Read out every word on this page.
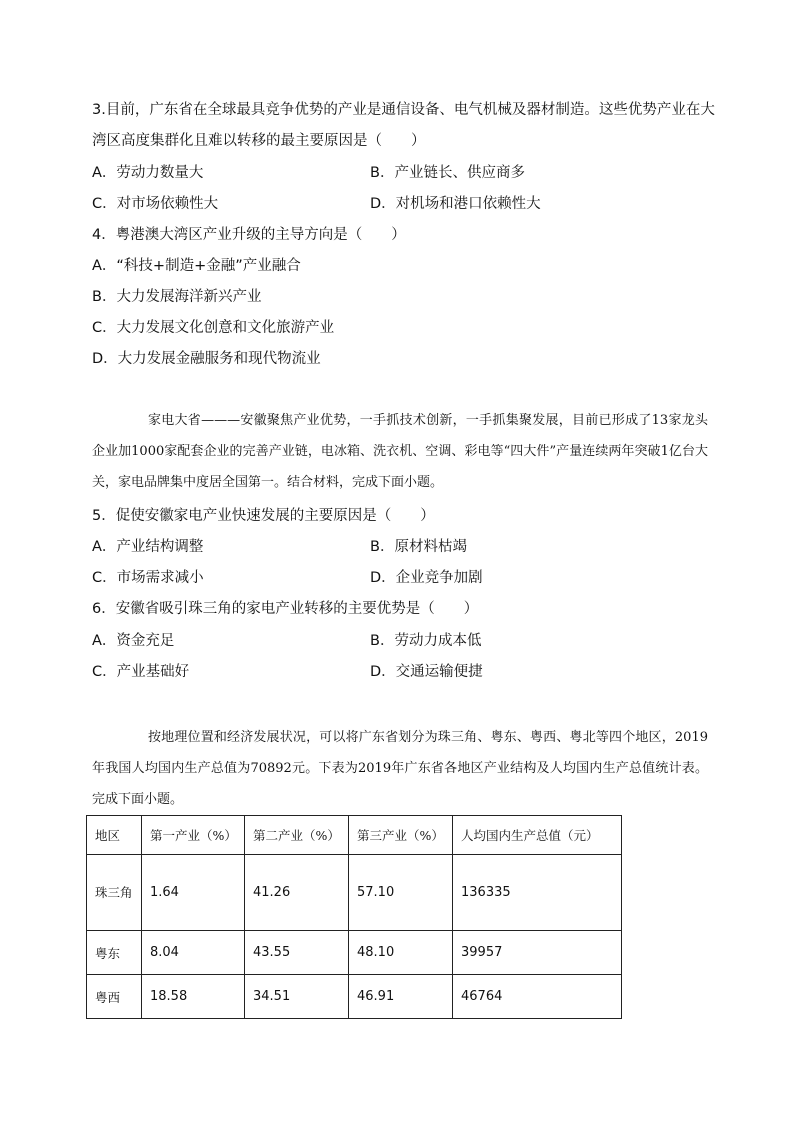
3.目前，广东省在全球最具竞争优势的产业是通信设备、电气机械及器材制造。这些优势产业在大
湾区高度集群化且难以转移的最主要原因是（　　）
A．劳动力数量大	B．产业链长、供应商多
C．对市场依赖性大	D．对机场和港口依赖性大
4．粤港澳大湾区产业升级的主导方向是（　　）
A．“科技+制造+金融”产业融合
B．大力发展海洋新兴产业
C．大力发展文化创意和文化旅游产业
D．大力发展金融服务和现代物流业

家电大省———安徽聚焦产业优势，一手抓技术创新，一手抓集聚发展，目前已形成了13家龙头企业加1000家配套企业的完善产业链，电冰箱、洗衣机、空调、彩电等“四大件”产量连续两年突破1亿台大关，家电品牌集中度居全国第一。结合材料，完成下面小题。

5．促使安徽家电产业快速发展的主要原因是（　　）
A．产业结构调整	B．原材料枯竭
C．市场需求减小	D．企业竞争加剧
6．安徽省吸引珠三角的家电产业转移的主要优势是（　　）
A．资金充足	B．劳动力成本低
C．产业基础好	D．交通运输便捷

按地理位置和经济发展状况，可以将广东省划分为珠三角、粤东、粤西、粤北等四个地区，2019年我国人均国内生产总值为70892元。下表为2019年广东省各地区产业结构及人均国内生产总值统计表。完成下面小题。

地区	第一产业（%）	第二产业（%）	第三产业（%）	人均国内生产总值（元）
珠三角	1.64	41.26	57.10	136335
粤东	8.04	43.55	48.10	39957
粤西	18.58	34.51	46.91	46764
